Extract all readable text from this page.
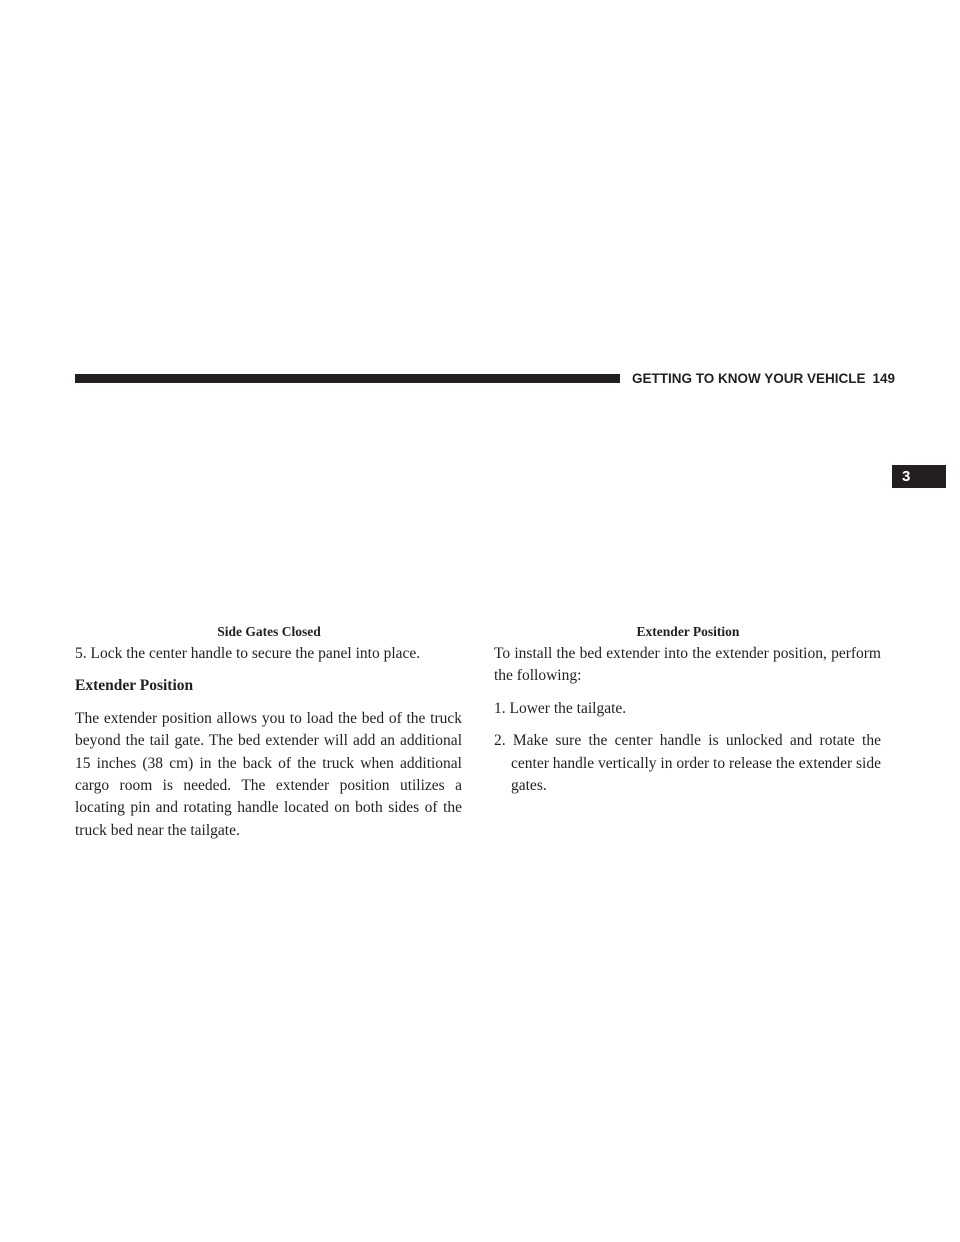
GETTING TO KNOW YOUR VEHICLE 149
3
Side Gates Closed	Extender Position

5. Lock the center handle to secure the panel into place.

Extender Position

The extender position allows you to load the bed of the truck beyond the tail gate. The bed extender will add an additional 15 inches (38 cm) in the back of the truck when additional cargo room is needed. The extender position utilizes a locating pin and rotating handle located on both sides of the truck bed near the tailgate.

To install the bed extender into the extender position, perform the following:

1. Lower the tailgate.

2. Make sure the center handle is unlocked and rotate the center handle vertically in order to release the extender side gates.
